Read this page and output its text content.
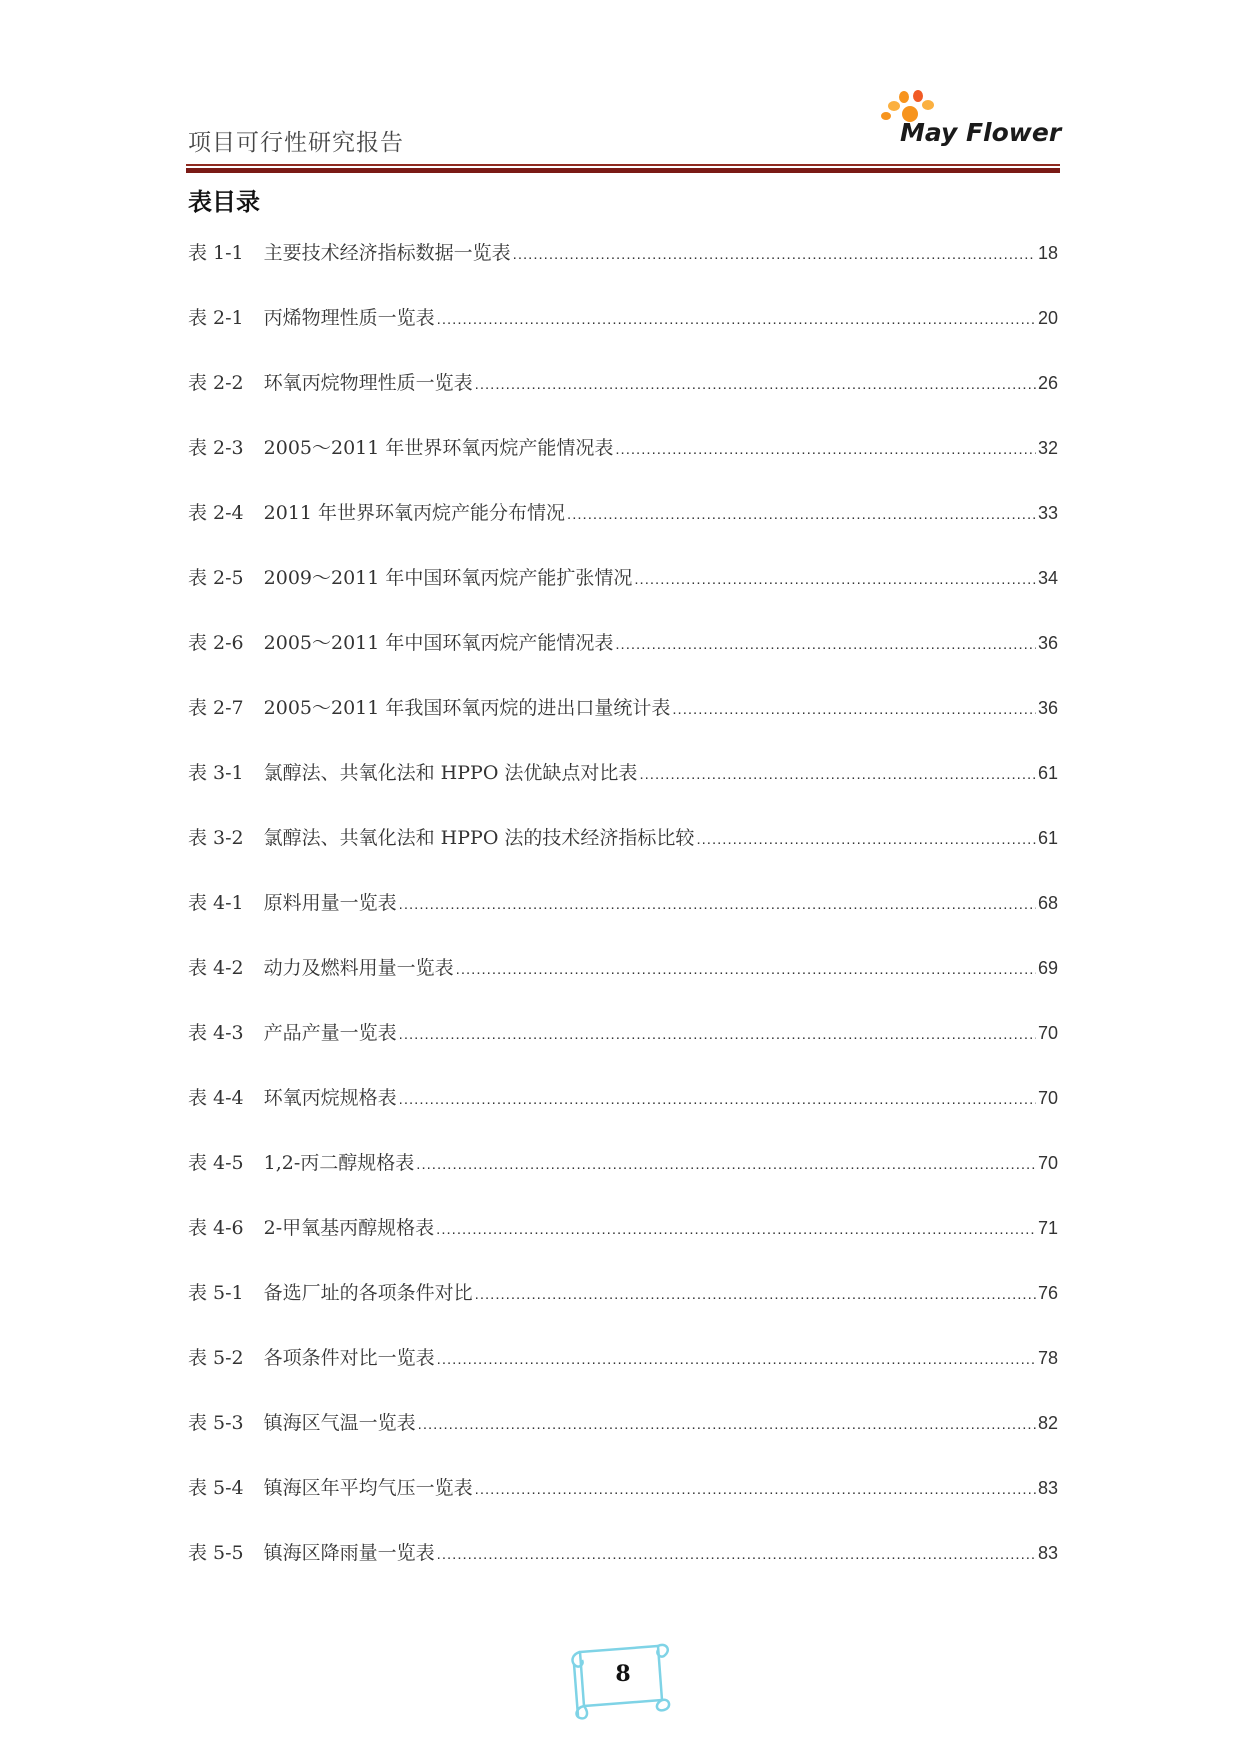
项目可行性研究报告	May Flower
表目录
表 1-1 主要技术经济指标数据一览表 .....	18
表 2-1 丙烯物理性质一览表 .....	20
表 2-2 环氧丙烷物理性质一览表 .....	26
表 2-3 2005～2011 年世界环氧丙烷产能情况表 .....	32
表 2-4 2011 年世界环氧丙烷产能分布情况 .....	33
表 2-5 2009～2011 年中国环氧丙烷产能扩张情况 .....	34
表 2-6 2005～2011 年中国环氧丙烷产能情况表 .....	36
表 2-7 2005～2011 年我国环氧丙烷的进出口量统计表 .....	36
表 3-1 氯醇法、共氧化法和 HPPO 法优缺点对比表 .....	61
表 3-2 氯醇法、共氧化法和 HPPO 法的技术经济指标比较 .....	61
表 4-1 原料用量一览表 .....	68
表 4-2 动力及燃料用量一览表 .....	69
表 4-3 产品产量一览表 .....	70
表 4-4 环氧丙烷规格表 .....	70
表 4-5 1,2-丙二醇规格表 .....	70
表 4-6 2-甲氧基丙醇规格表 .....	71
表 5-1 备选厂址的各项条件对比 .....	76
表 5-2 各项条件对比一览表 .....	78
表 5-3 镇海区气温一览表 .....	82
表 5-4 镇海区年平均气压一览表 .....	83
表 5-5 镇海区降雨量一览表 .....	83
8
